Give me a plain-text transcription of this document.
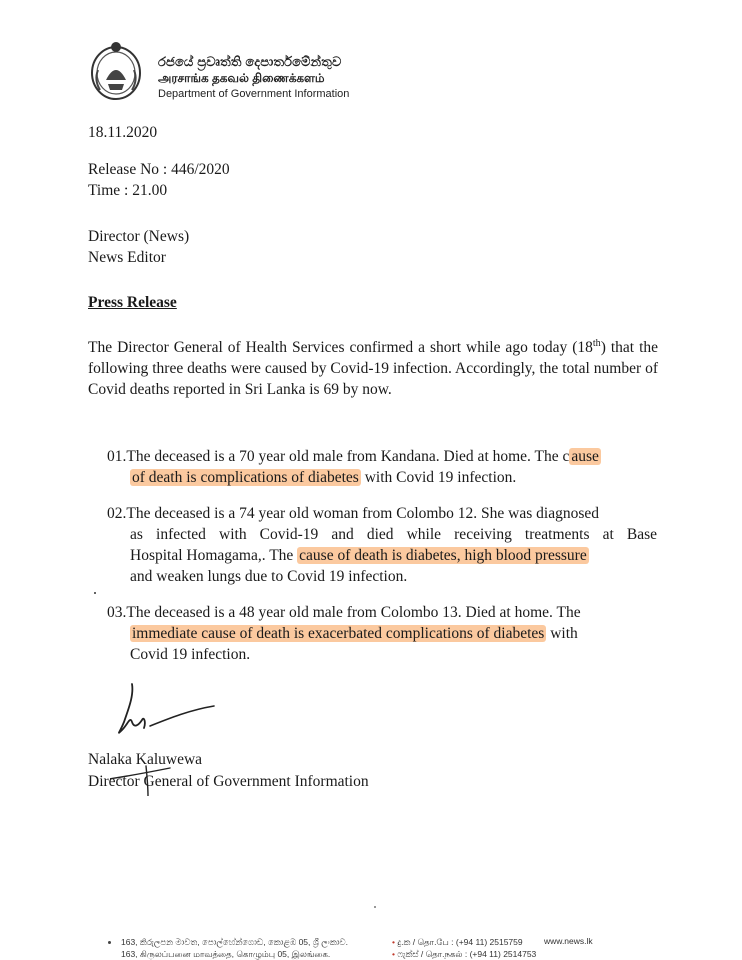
රජයේ ප්‍රවෘත්ති දෙපාර්තමේන්තුව
அரசாங்க தகவல் திணைக்களம்
Department of Government Information
18.11.2020
Release No : 446/2020
Time : 21.00
Director (News)
News Editor
Press Release
The Director General of Health Services confirmed a short while ago today (18th) that the following three deaths were caused by Covid-19 infection. Accordingly, the total number of Covid deaths reported in Sri Lanka is 69 by now.
01.The deceased is a 70 year old male from Kandana. Died at home. The c ause
of death is complications of diabetes with Covid 19 infection.
02.The deceased is a 74 year old woman from Colombo 12. She was diagnosed
as infected with Covid-19 and died while receiving treatments at Base
Hospital Homagama,. The cause of death is diabetes, high blood pressure
and weaken lungs due to Covid 19 infection.
03.The deceased is a 48 year old male from Colombo 13. Died at home. The
immediate cause of death is exacerbated complications of diabetes with
Covid 19 infection.
Nalaka Kaluwewa
Director General of Government Information
163, කිරුලපන මාවත, පොල්හේන්ගොඩ, කොළඹ 05, ශ්‍රී ලංකාව.
163, கிருலப்பனை மாவத்தை, கொழும்பு 05, இலங்கை.
• දු.ක / தொ.பே : (+94 11) 2515759
• ෆැක්ස් / தொ.நகல் : (+94 11) 2514753
www.news.lk
